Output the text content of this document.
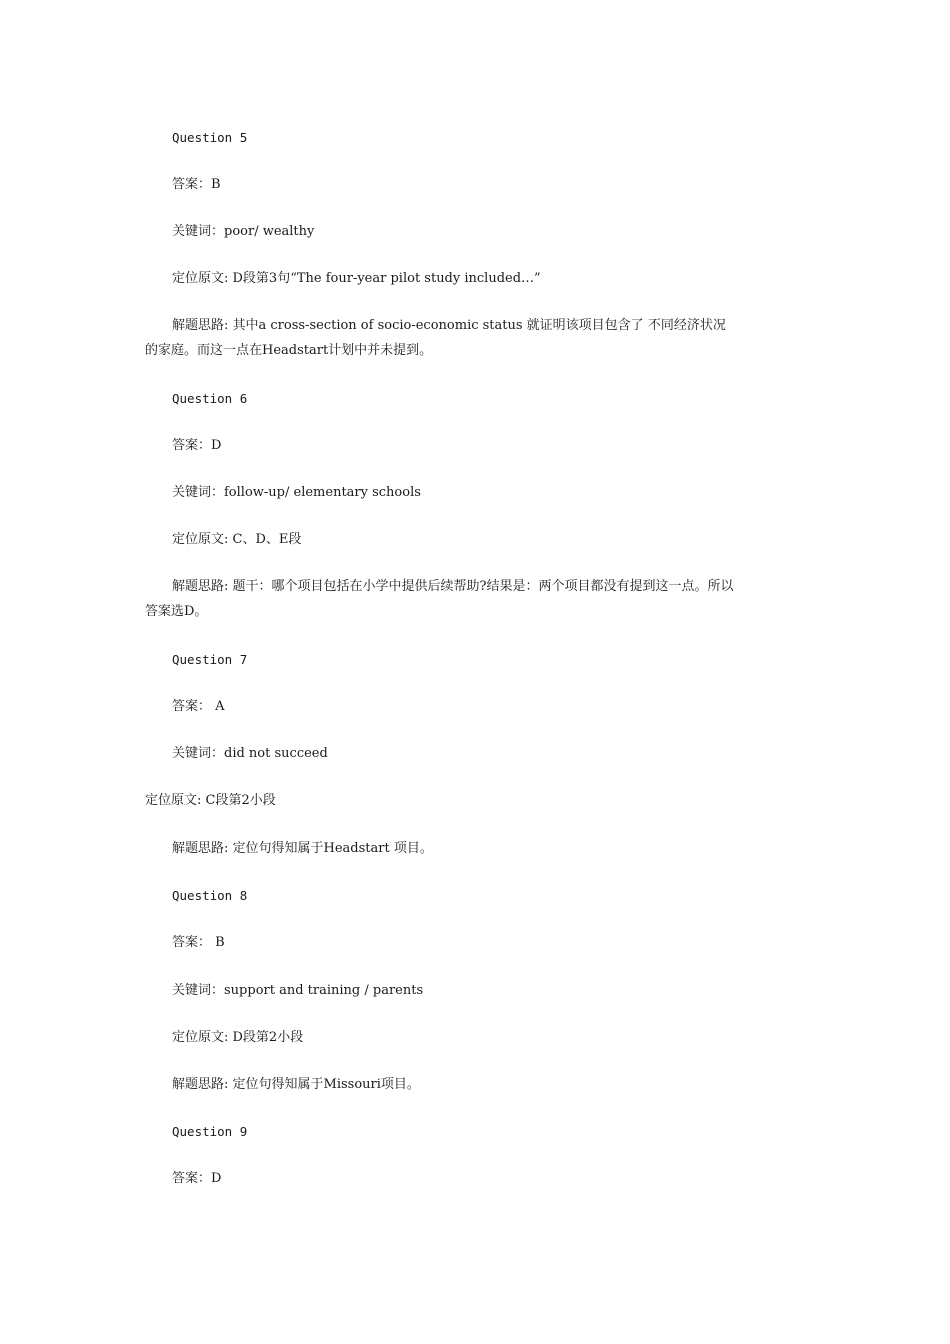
Question 5
答案：B
关键词：poor/ wealthy
定位原文: D段第3句“The four-year pilot study included…”
解题思路: 其中a cross-section of socio-economic status 就证明该项目包含了 不同经济状况
的家庭。而这一点在Headstart计划中并未提到。
Question 6
答案：D
关键词：follow-up/ elementary schools
定位原文: C、D、E段
解题思路: 题干：哪个项目包括在小学中提供后续帮助?结果是：两个项目都没有提到这一点。所以
答案选D。
Question 7
答案： A
关键词：did not succeed
定位原文: C段第2小段
解题思路: 定位句得知属于Headstart 项目。
Question 8
答案： B
关键词：support and training / parents
定位原文: D段第2小段
解题思路: 定位句得知属于Missouri项目。
Question 9
答案：D
